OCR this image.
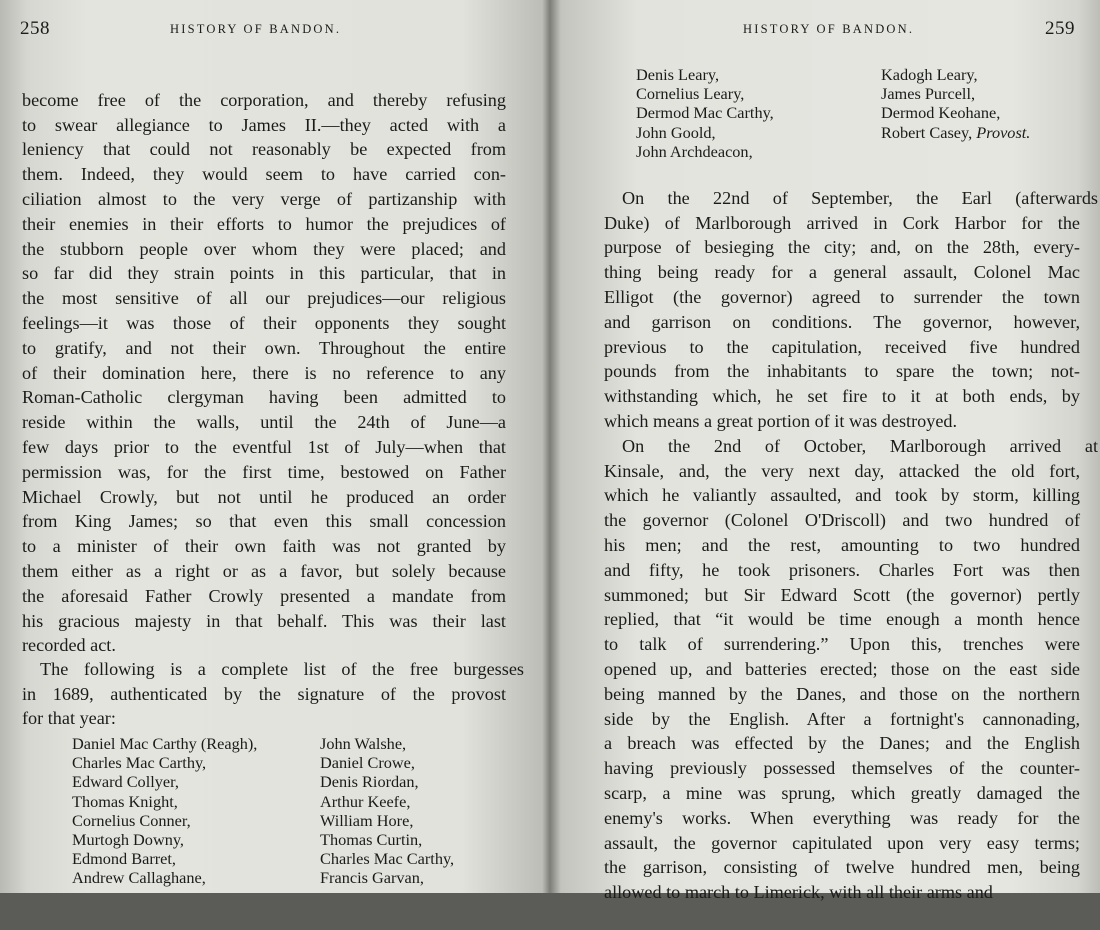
258	HISTORY OF BANDON.

become free of the corporation, and thereby refusing
to swear allegiance to James II.—they acted with a
leniency that could not reasonably be expected from
them. Indeed, they would seem to have carried con-
ciliation almost to the very verge of partizanship with
their enemies in their efforts to humor the prejudices of
the stubborn people over whom they were placed; and
so far did they strain points in this particular, that in
the most sensitive of all our prejudices—our religious
feelings—it was those of their opponents they sought
to gratify, and not their own. Throughout the entire
of their domination here, there is no reference to any
Roman-Catholic clergyman having been admitted to
reside within the walls, until the 24th of June—a
few days prior to the eventful 1st of July—when that
permission was, for the first time, bestowed on Father
Michael Crowly, but not until he produced an order
from King James; so that even this small concession
to a minister of their own faith was not granted by
them either as a right or as a favor, but solely because
the aforesaid Father Crowly presented a mandate from
his gracious majesty in that behalf. This was their last
recorded act.

The following is a complete list of the free burgesses
in 1689, authenticated by the signature of the provost
for that year:

Daniel Mac Carthy (Reagh),
Charles Mac Carthy,
Edward Collyer,
Thomas Knight,
Cornelius Conner,
Murtogh Downy,
Edmond Barret,
Andrew Callaghane,
John Walshe,
Daniel Crowe,
Denis Riordan,
Arthur Keefe,
William Hore,
Thomas Curtin,
Charles Mac Carthy,
Francis Garvan,
259
HISTORY OF BANDON.
Denis Leary,
Cornelius Leary,
Dermod Mac Carthy,
John Goold,
John Archdeacon,
Kadogh Leary,
James Purcell,
Dermod Keohane,
Robert Casey, Provost.

On the 22nd of September, the Earl (afterwards
Duke) of Marlborough arrived in Cork Harbor for the
purpose of besieging the city; and, on the 28th, every-
thing being ready for a general assault, Colonel Mac
Elligot (the governor) agreed to surrender the town
and garrison on conditions. The governor, however,
previous to the capitulation, received five hundred
pounds from the inhabitants to spare the town; not-
withstanding which, he set fire to it at both ends, by
which means a great portion of it was destroyed.

On the 2nd of October, Marlborough arrived at
Kinsale, and, the very next day, attacked the old fort,
which he valiantly assaulted, and took by storm, killing
the governor (Colonel O'Driscoll) and two hundred of
his men; and the rest, amounting to two hundred
and fifty, he took prisoners. Charles Fort was then
summoned; but Sir Edward Scott (the governor) pertly
replied, that “it would be time enough a month hence
to talk of surrendering.” Upon this, trenches were
opened up, and batteries erected; those on the east side
being manned by the Danes, and those on the northern
side by the English. After a fortnight's cannonading,
a breach was effected by the Danes; and the English
having previously possessed themselves of the counter-
scarp, a mine was sprung, which greatly damaged the
enemy's works. When everything was ready for the
assault, the governor capitulated upon very easy terms;
the garrison, consisting of twelve hundred men, being
allowed to march to Limerick, with all their arms and
